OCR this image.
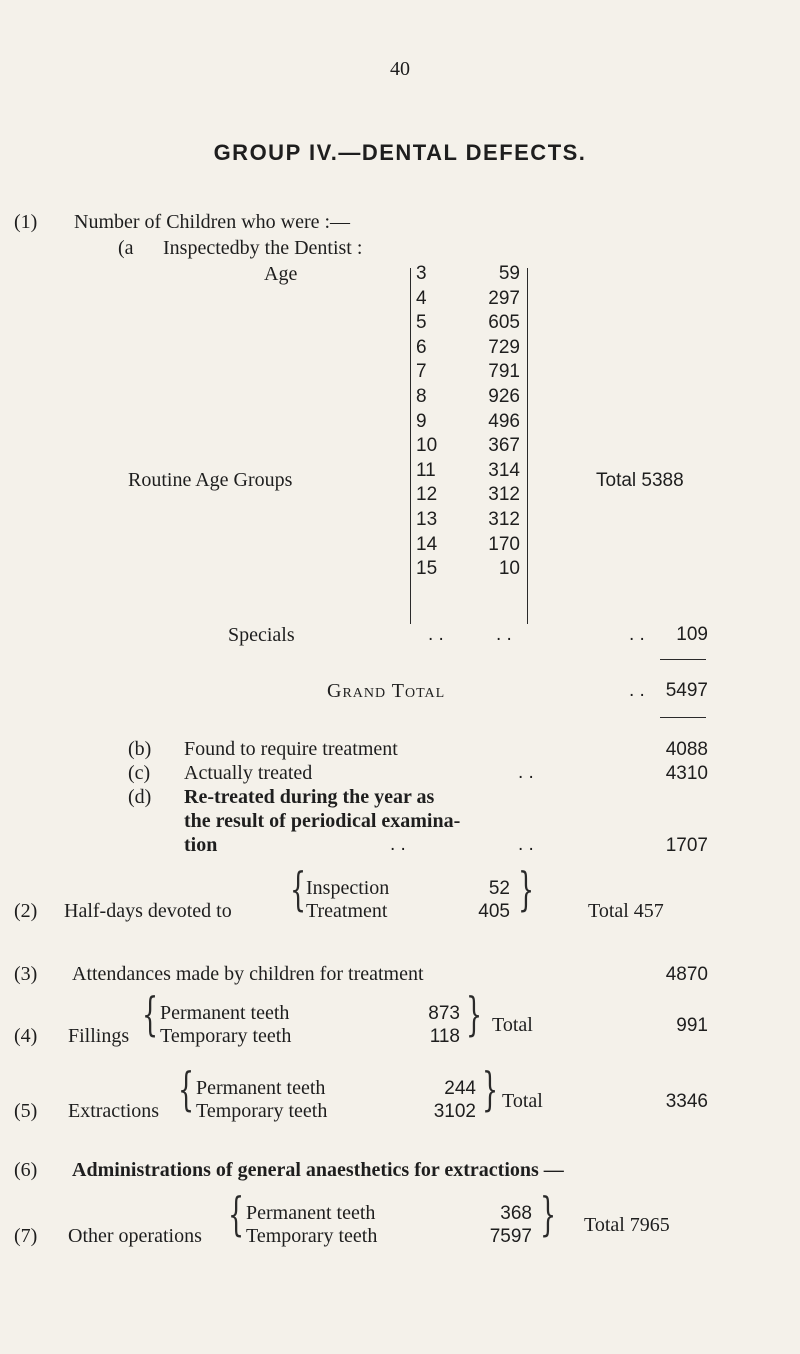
40
GROUP IV.—DENTAL DEFECTS.
(1) Number of Children who were :—
(a Inspectedby the Dentist :
Age	3	59
4	297
5	605
6	729
7	791
8	926
9	496
10	367
11	314
12	312
13	312
14	170
15	10
Routine Age Groups	Total 5388
Specials	. .	. .	. .	109
Grand Total	. .	5497
(b) Found to require treatment	4088
(c) Actually treated	. .	4310
(d) Re-treated during the year as
the result of periodical examina-
tion	. .	. .	1707
(2) Half-days devoted to { Inspection	52
Treatment	405 }	Total 457
(3) Attendances made by children for treatment	4870
(4) Fillings { Permanent teeth	873
Temporary teeth	118 } Total	991
(5) Extractions { Permanent teeth	244
Temporary teeth	3102 } Total	3346
(6) Administrations of general anaesthetics for extractions —
(7) Other operations { Permanent teeth	368
Temporary teeth	7597 } Total 7965
